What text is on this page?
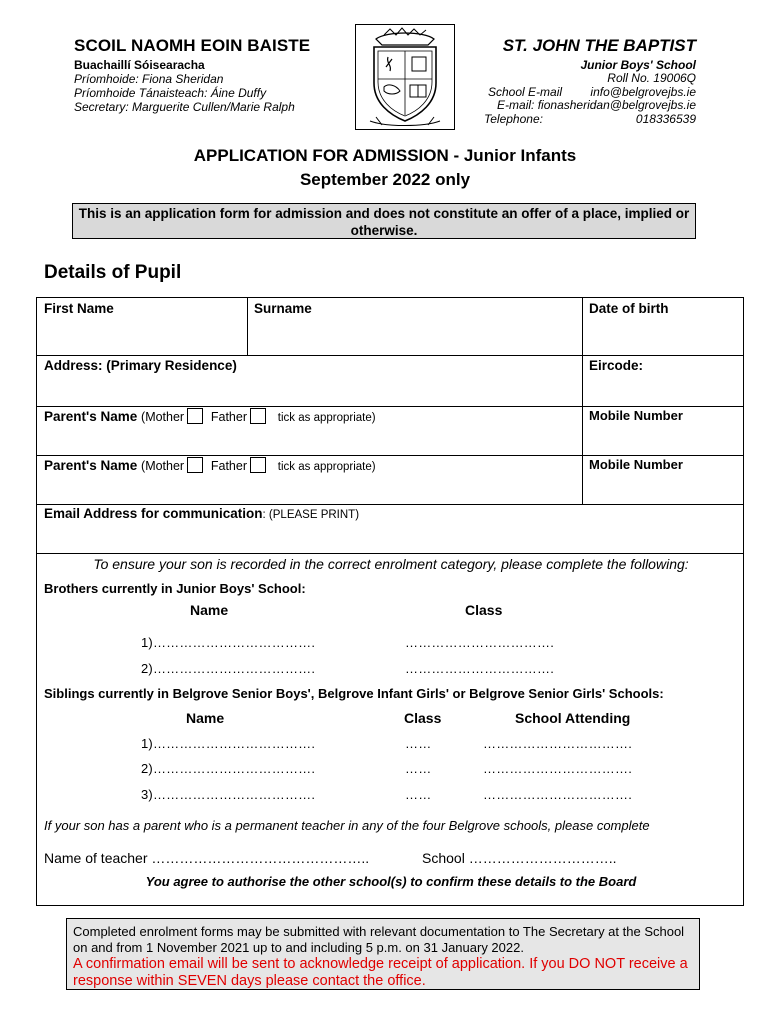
SCOIL NAOMH EOIN BAISTE
Buachaillí Sóisearacha
Príomhoide: Fiona Sheridan
Príomhoide Tánaisteach: Áine Duffy
Secretary: Marguerite Cullen/Marie Ralph
ST. JOHN THE BAPTIST
Junior Boys' School
Roll No. 19006Q
School E-mail info@belgrovejbs.ie
E-mail: fionasheridan@belgrovejbs.ie
Telephone:	018336539
APPLICATION FOR ADMISSION - Junior Infants
September 2022 only
This is an application form for admission and does not constitute an offer of a place, implied or otherwise.
Details of Pupil
First Name	Surname	Date of birth
Address: (Primary Residence)	Eircode:
Parent's Name (Mother Father	tick as appropriate)	Mobile Number
Parent's Name (Mother Father	tick as appropriate)	Mobile Number
Email Address for communication: (PLEASE PRINT)
To ensure your son is recorded in the correct enrolment category, please complete the following:
Brothers currently in Junior Boys' School:
Name	Class
1)……………………………….	…………………………….
2)……………………………….	…………………………….
Siblings currently in Belgrove Senior Boys', Belgrove Infant Girls' or Belgrove Senior Girls' Schools:
Name	Class	School Attending
1)……………………………….	……	…………………………….
2)……………………………….	……	…………………………….
3)……………………………….	……	…………………………….
If your son has a parent who is a permanent teacher in any of the four Belgrove schools, please complete
Name of teacher ………………………………………..	School …………………………..
You agree to authorise the other school(s) to confirm these details to the Board
Completed enrolment forms may be submitted with relevant documentation to The Secretary at the School on and from 1 November 2021 up to and including 5 p.m. on 31 January 2022.
A confirmation email will be sent to acknowledge receipt of application. If you DO NOT receive a response within SEVEN days please contact the office.
